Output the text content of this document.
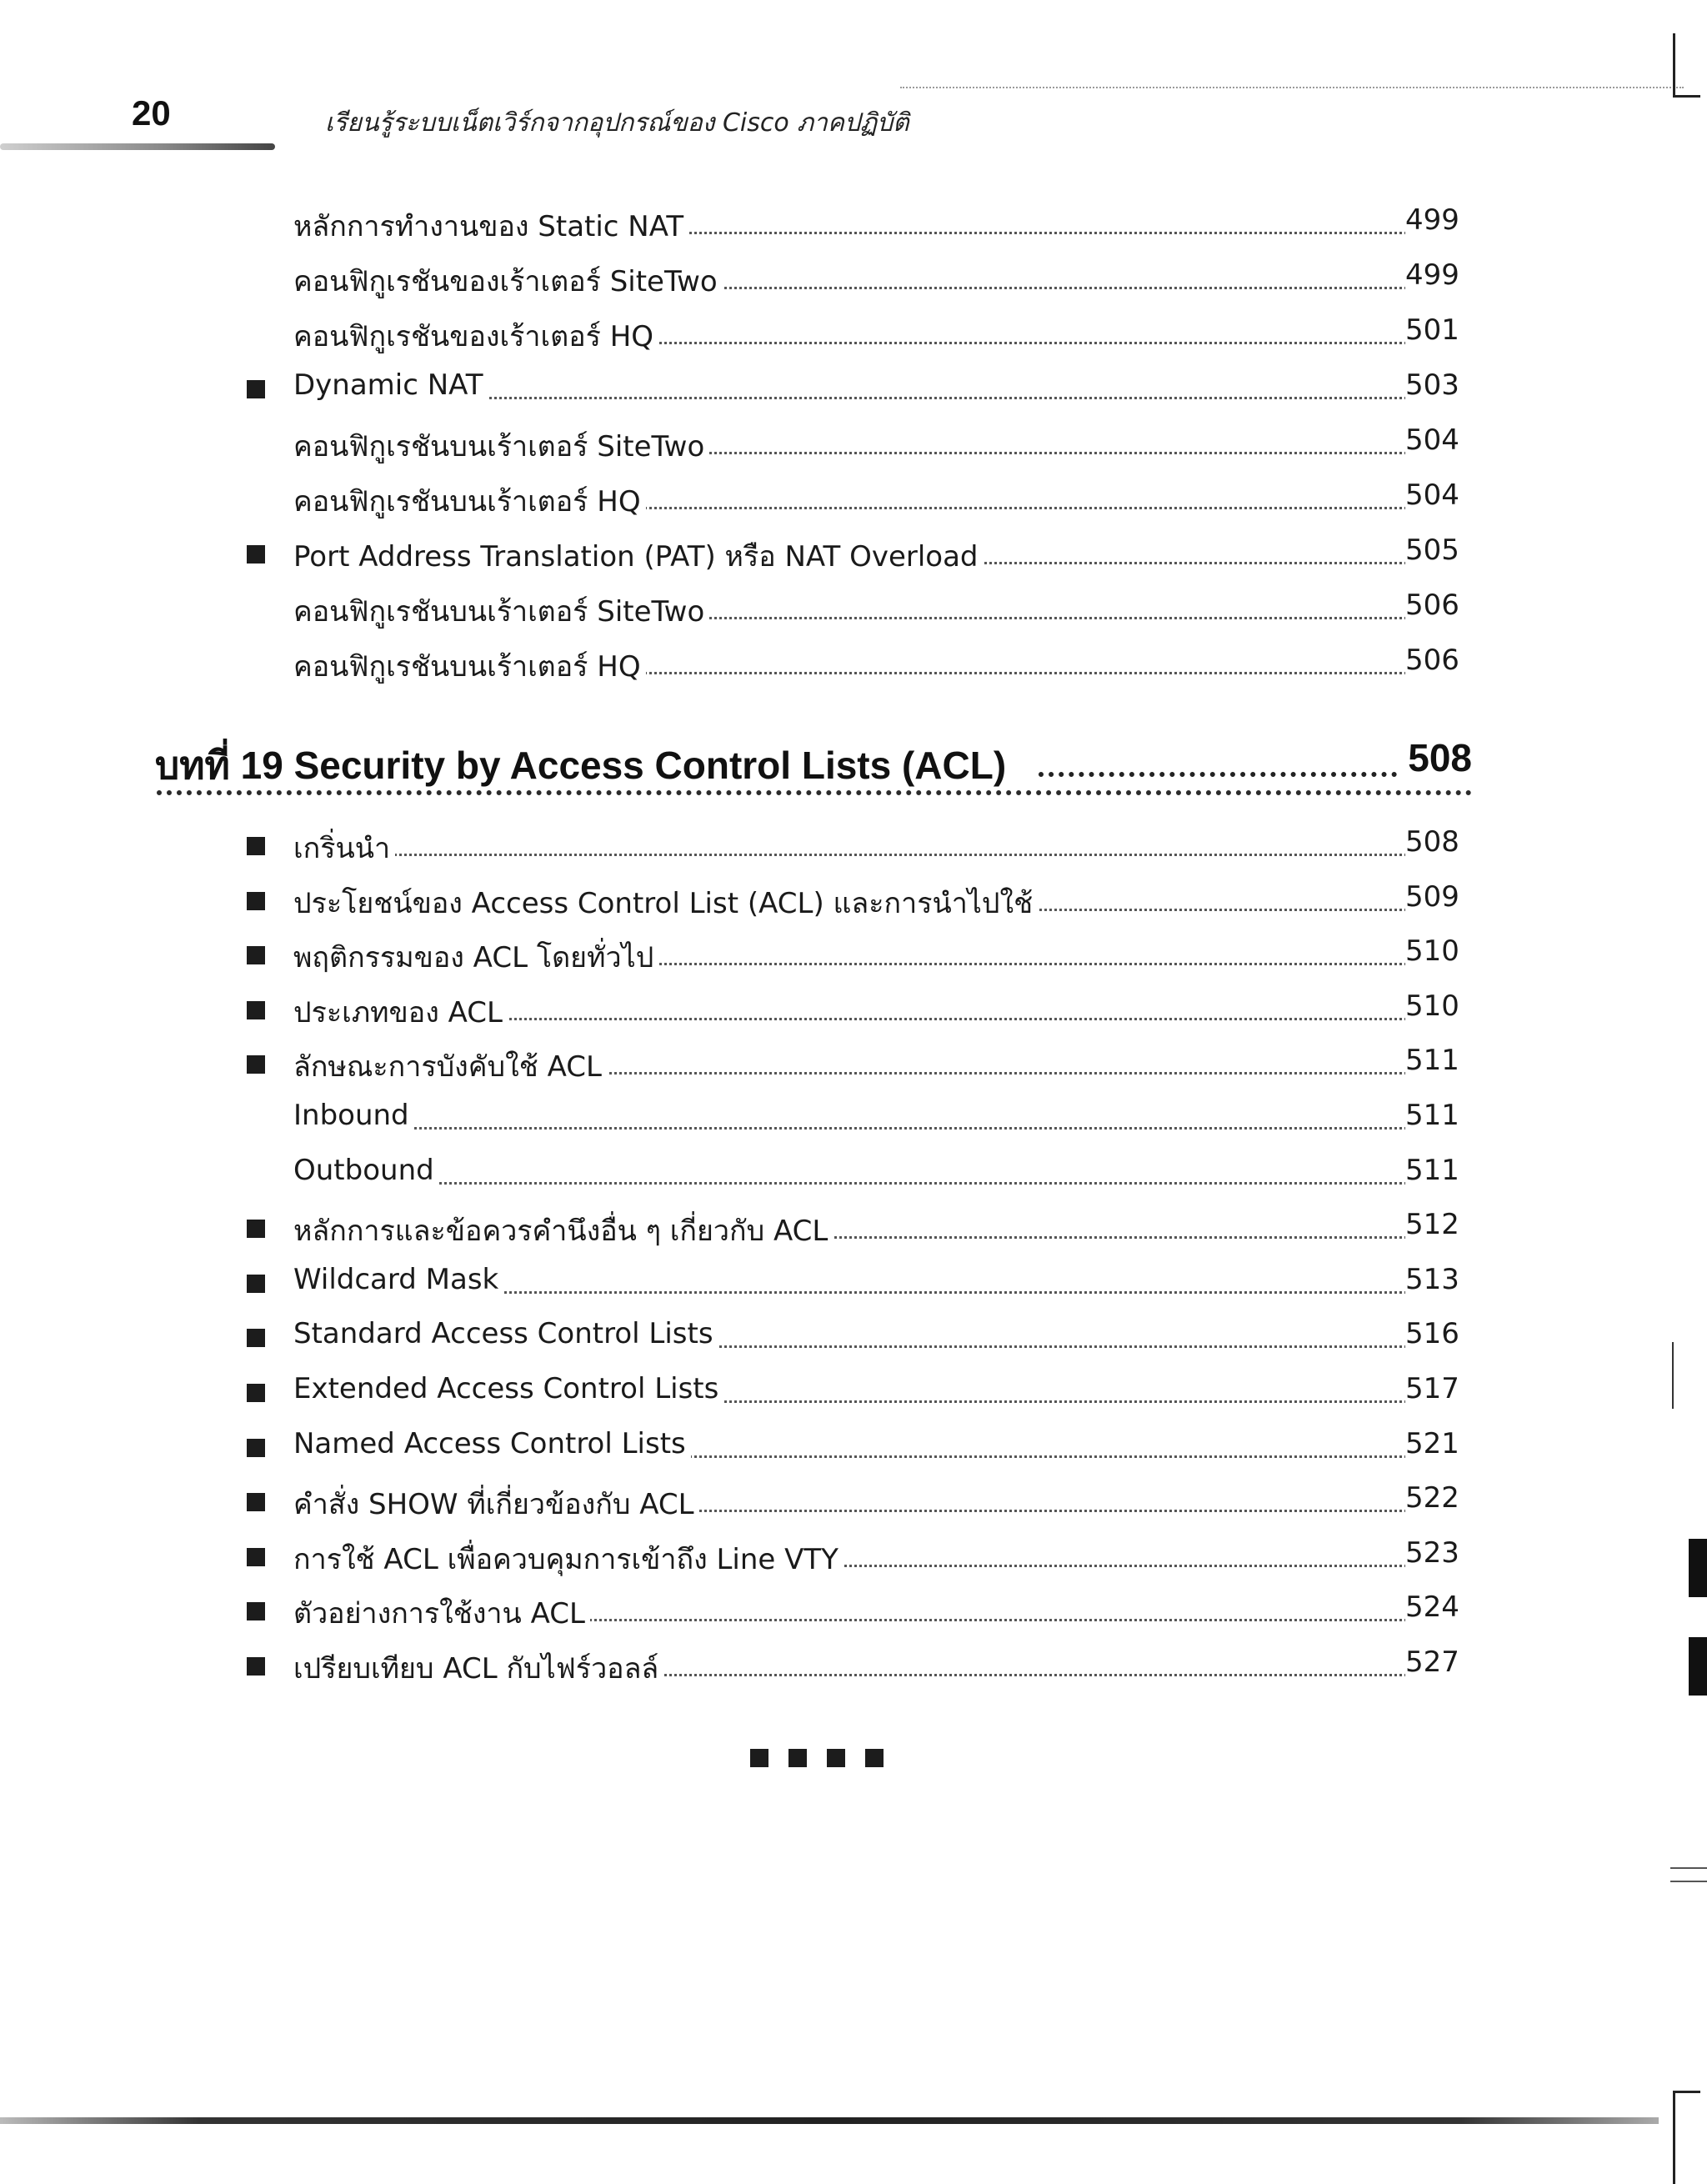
20	เรียนรู้ระบบเน็ตเวิร์กจากอุปกรณ์ของ Cisco ภาคปฏิบัติ
หลักการทำงานของ Static NAT	499
คอนฟิกูเรชันของเร้าเตอร์ SiteTwo	499
คอนฟิกูเรชันของเร้าเตอร์ HQ	501
Dynamic NAT	503
คอนฟิกูเรชันบนเร้าเตอร์ SiteTwo	504
คอนฟิกูเรชันบนเร้าเตอร์ HQ	504
Port Address Translation (PAT) หรือ NAT Overload	505
คอนฟิกูเรชันบนเร้าเตอร์ SiteTwo	506
คอนฟิกูเรชันบนเร้าเตอร์ HQ	506
บทที่ 19 Security by Access Control Lists (ACL)	508
เกริ่นนำ	508
ประโยชน์ของ Access Control List (ACL) และการนำไปใช้	509
พฤติกรรมของ ACL โดยทั่วไป	510
ประเภทของ ACL	510
ลักษณะการบังคับใช้ ACL	511
Inbound	511
Outbound	511
หลักการและข้อควรคำนึงอื่น ๆ เกี่ยวกับ ACL	512
Wildcard Mask	513
Standard Access Control Lists	516
Extended Access Control Lists	517
Named Access Control Lists	521
คำสั่ง SHOW ที่เกี่ยวข้องกับ ACL	522
การใช้ ACL เพื่อควบคุมการเข้าถึง Line VTY	523
ตัวอย่างการใช้งาน ACL	524
เปรียบเทียบ ACL กับไฟร์วอลล์	527
